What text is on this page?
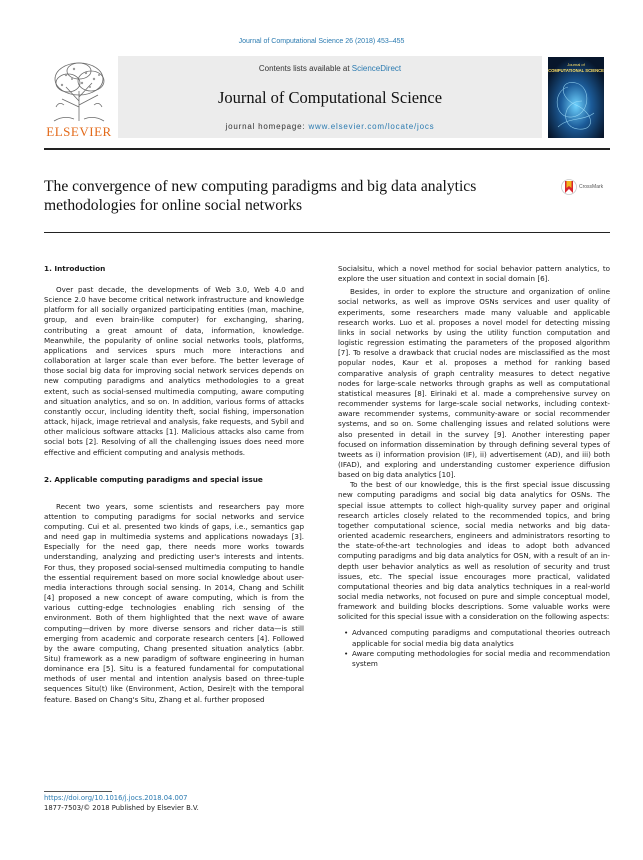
Journal of Computational Science 26 (2018) 453–455
ELSEVIER
Contents lists available at ScienceDirect
Journal of Computational Science
journal homepage: www.elsevier.com/locate/jocs
Journal of
COMPUTATIONAL SCIENCE
The convergence of new computing paradigms and big data analytics methodologies for online social networks
CrossMark
1. Introduction

Over past decade, the developments of Web 3.0, Web 4.0 and Science 2.0 have become critical network infrastructure and knowledge platform for all socially organized participating entities (man, machine, group, and even brain-like computer) for exchanging, sharing, contributing a great amount of data, information, knowledge. Meanwhile, the popularity of online social networks tools, platforms, applications and services spurs much more interactions and collaboration at larger scale than ever before. The better leverage of those social big data for improving social network services depends on new computing paradigms and analytics methodologies to a great extent, such as social-sensed multimedia computing, aware computing and situation analytics, and so on. In addition, various forms of attacks constantly occur, including identity theft, social fishing, impersonation attack, hijack, image retrieval and analysis, fake requests, and Sybil and other malicious software attacks [1]. Malicious attacks also came from social bots [2]. Resolving of all the challenging issues does need more effective and efficient computing and analysis methods.

2. Applicable computing paradigms and special issue

Recent two years, some scientists and researchers pay more attention to computing paradigms for social networks and service computing. Cui et al. presented two kinds of gaps, i.e., semantics gap and need gap in multimedia systems and applications nowadays [3]. Especially for the need gap, there needs more works towards understanding, analyzing and predicting user's interests and intents. For thus, they proposed social-sensed multimedia computing to handle the essential requirement based on more social knowledge about user-media interactions through social sensing. In 2014, Chang and Schilit [4] proposed a new concept of aware computing, which is from the various cutting-edge technologies enabling rich sensing of the environment. Both of them highlighted that the next wave of aware computing—driven by more diverse sensors and richer data—is still emerging from academic and corporate research centers [4]. Followed by the aware computing, Chang presented situation analytics (abbr. Situ) framework as a new paradigm of software engineering in human dominance era [5]. Situ is a featured fundamental for computational methods of user mental and intention analysis based on three-tuple sequences Situ(t) like (Environment, Action, Desire)t with the temporal feature. Based on Chang's Situ, Zhang et al. further proposed

Socialsitu, which a novel method for social behavior pattern analytics, to explore the user situation and context in social domain [6].

Besides, in order to explore the structure and organization of online social networks, as well as improve OSNs services and user quality of experiments, some researchers made many valuable and applicable research works. Luo et al. proposes a novel model for detecting missing links in social networks by using the utility function computation and logistic regression estimating the parameters of the proposed algorithm [7]. To resolve a drawback that crucial nodes are misclassified as the most popular nodes, Kaur et al. proposes a method for ranking based comparative analysis of graph centrality measures to detect negative nodes for large-scale networks through graphs as well as computational statistical measures [8]. Eirinaki et al. made a comprehensive survey on recommender systems for large-scale social networks, including context-aware recommender systems, community-aware or social recommender systems, and so on. Some challenging issues and related solutions were also presented in detail in the survey [9]. Another interesting paper focused on information dissemination by through defining several types of tweets as i) information provision (IF), ii) advertisement (AD), and iii) both (IFAD), and exploring and understanding customer experience diffusion based on big data analytics [10].

To the best of our knowledge, this is the first special issue discussing new computing paradigms and social big data analytics for OSNs. The special issue attempts to collect high-quality survey paper and original research articles closely related to the recommended topics, and bring together computational science, social media networks and big data-oriented academic researchers, engineers and administrators resorting to the state-of-the-art technologies and ideas to adopt both advanced computing paradigms and big data analytics for OSN, with a result of an in-depth user behavior analytics as well as resolution of security and trust issues, etc. The special issue encourages more practical, validated computational theories and big data analytics techniques in a real-world social media networks, not focused on pure and simple conceptual model, framework and building blocks descriptions. Some valuable works were solicited for this special issue with a consideration on the following aspects:

• Advanced computing paradigms and computational theories outreach applicable for social media big data analytics
• Aware computing methodologies for social media and recommendation system
https://doi.org/10.1016/j.jocs.2018.04.007
1877-7503/© 2018 Published by Elsevier B.V.
